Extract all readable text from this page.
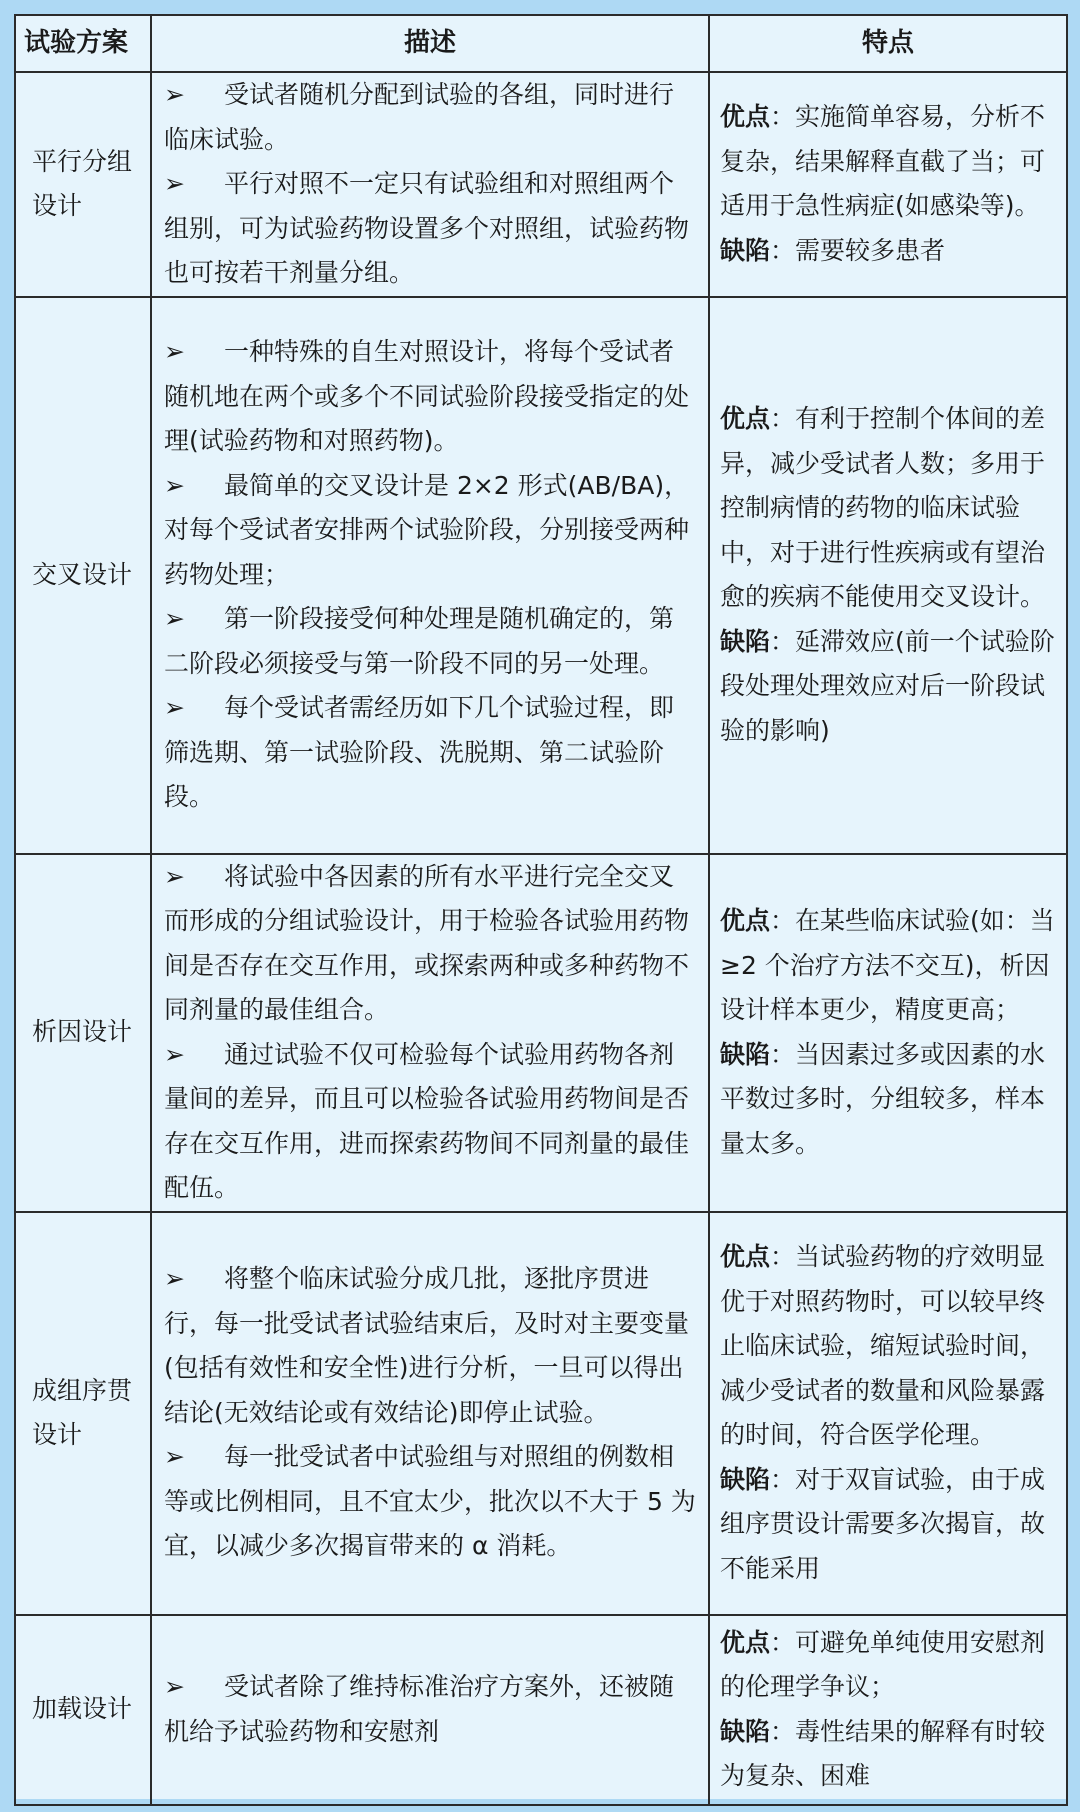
试验方案	描述	特点
平行分组设计	➢ 受试者随机分配到试验的各组，同时进行临床试验。
➢ 平行对照不一定只有试验组和对照组两个组别，可为试验药物设置多个对照组，试验药物也可按若干剂量分组。	优点：实施简单容易，分析不复杂，结果解释直截了当；可适用于急性病症(如感染等)。
缺陷：需要较多患者

交叉设计	➢ 一种特殊的自生对照设计，将每个受试者随机地在两个或多个不同试验阶段接受指定的处理(试验药物和对照药物)。
➢ 最简单的交叉设计是 2×2 形式(AB/BA)，对每个受试者安排两个试验阶段，分别接受两种药物处理；
➢ 第一阶段接受何种处理是随机确定的，第二阶段必须接受与第一阶段不同的另一处理。
➢ 每个受试者需经历如下几个试验过程，即筛选期、第一试验阶段、洗脱期、第二试验阶段。	优点：有利于控制个体间的差异，减少受试者人数；多用于控制病情的药物的临床试验中，对于进行性疾病或有望治愈的疾病不能使用交叉设计。
缺陷：延滞效应(前一个试验阶段处理处理效应对后一阶段试验的影响)

析因设计	➢ 将试验中各因素的所有水平进行完全交叉而形成的分组试验设计，用于检验各试验用药物间是否存在交互作用，或探索两种或多种药物不同剂量的最佳组合。
➢ 通过试验不仅可检验每个试验用药物各剂量间的差异，而且可以检验各试验用药物间是否存在交互作用，进而探索药物间不同剂量的最佳配伍。	优点：在某些临床试验(如：当≥2 个治疗方法不交互)，析因设计样本更少，精度更高；
缺陷：当因素过多或因素的水平数过多时，分组较多，样本量太多。

成组序贯设计	➢ 将整个临床试验分成几批，逐批序贯进行，每一批受试者试验结束后，及时对主要变量(包括有效性和安全性)进行分析，一旦可以得出结论(无效结论或有效结论)即停止试验。
➢ 每一批受试者中试验组与对照组的例数相等或比例相同，且不宜太少，批次以不大于 5 为宜，以减少多次揭盲带来的 α 消耗。	优点：当试验药物的疗效明显优于对照药物时，可以较早终止临床试验，缩短试验时间，减少受试者的数量和风险暴露的时间，符合医学伦理。
缺陷：对于双盲试验，由于成组序贯设计需要多次揭盲，故不能采用

加载设计	➢ 受试者除了维持标准治疗方案外，还被随机给予试验药物和安慰剂	优点：可避免单纯使用安慰剂的伦理学争议；
缺陷：毒性结果的解释有时较为复杂、困难
